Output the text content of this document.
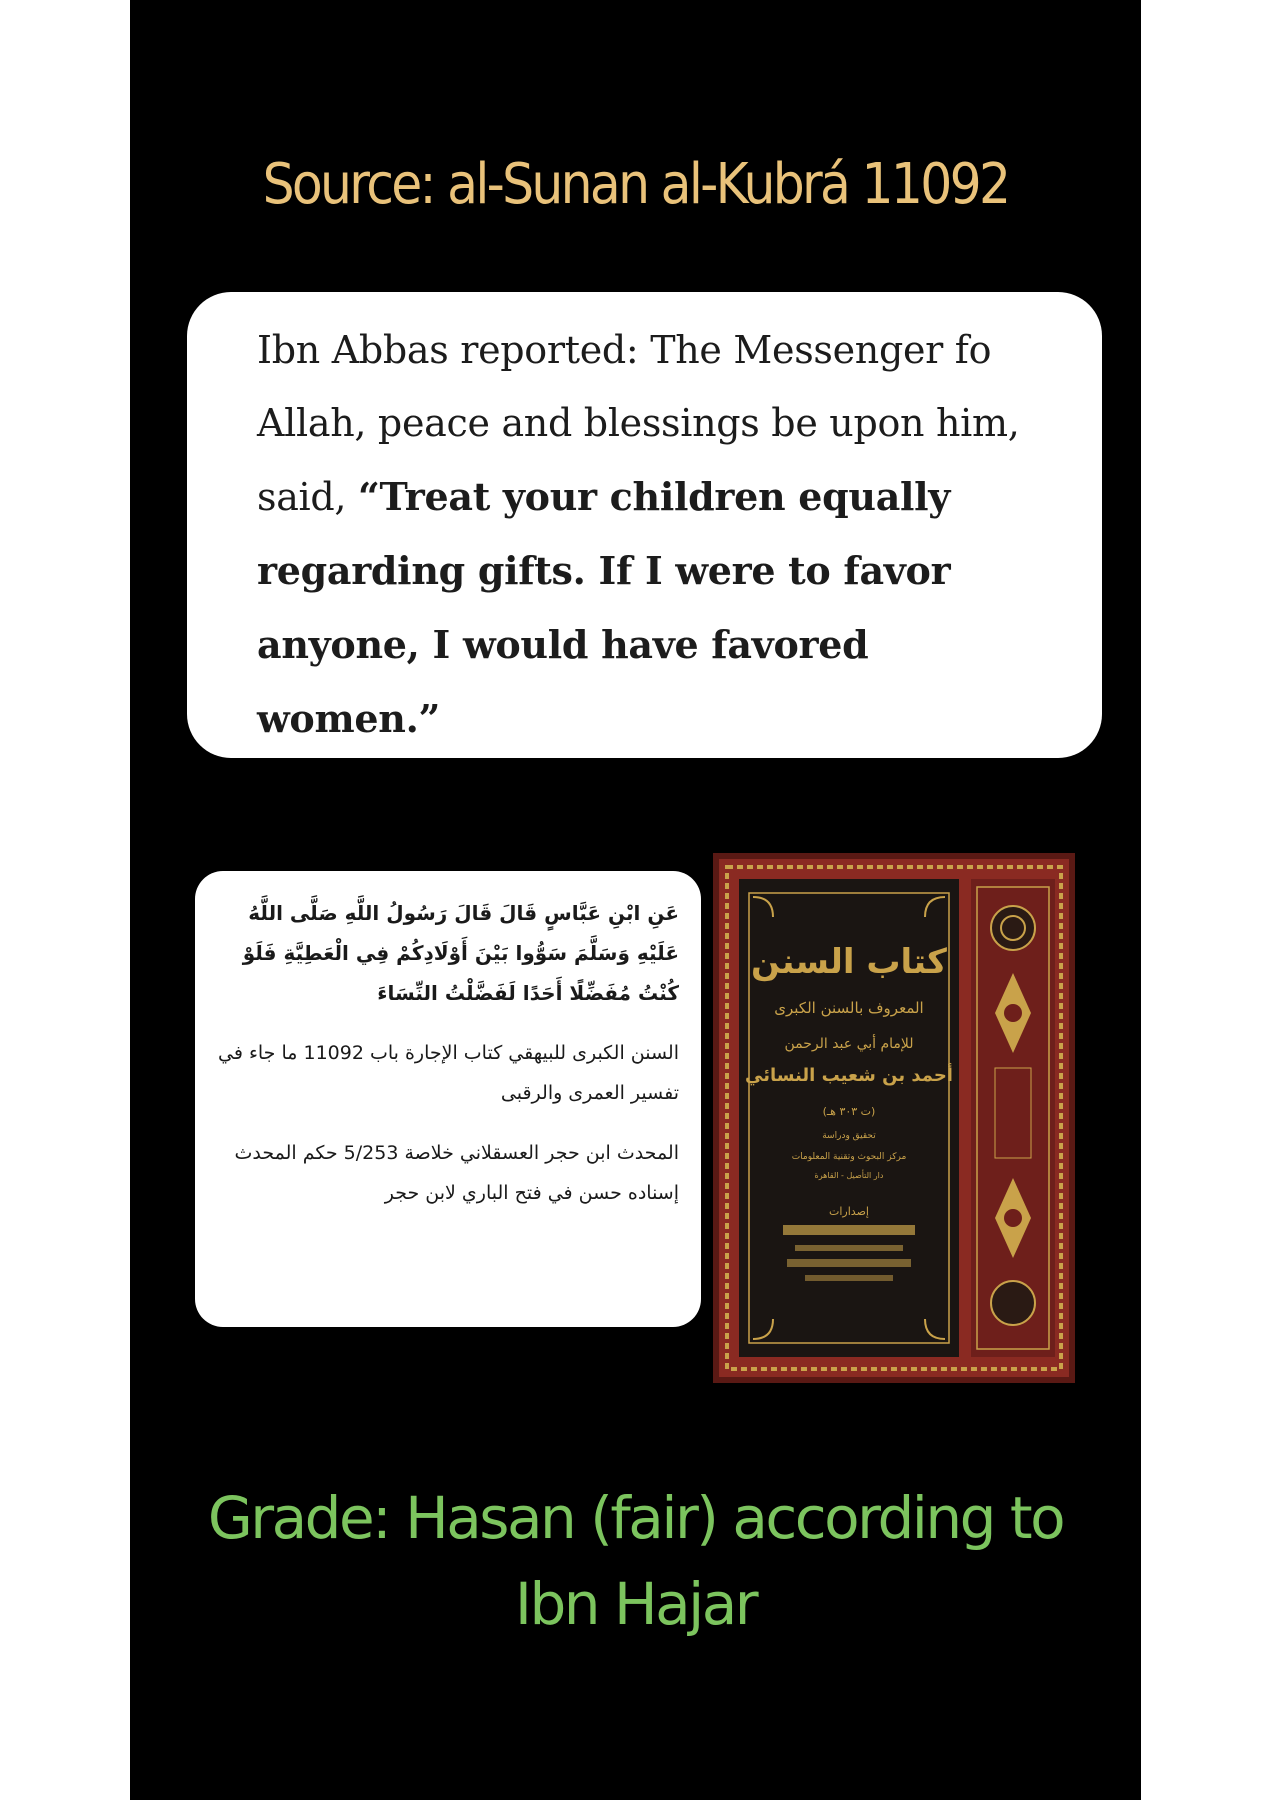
Source: al-Sunan al-Kubrá 11092

Ibn Abbas reported: The Messenger fo Allah, peace and blessings be upon him, said, “Treat your children equally regarding gifts. If I were to favor anyone, I would have favored women.”

عَنِ ابْنِ عَبَّاسٍ قَالَ قَالَ رَسُولُ اللَّهِ صَلَّى اللَّهُ عَلَيْهِ وَسَلَّمَ سَوُّوا بَيْنَ أَوْلَادِكُمْ فِي الْعَطِيَّةِ فَلَوْ كُنْتُ مُفَضِّلًا أَحَدًا لَفَضَّلْتُ النِّسَاءَ

السنن الكبرى للبيهقي كتاب الإجارة باب 11092 ما جاء في تفسير العمرى والرقبى

المحدث ابن حجر العسقلاني خلاصة 5/253 حكم المحدث إسناده حسن في فتح الباري لابن حجر

كتاب السنن
المعروف بالسنن الكبرى
للإمام أبي عبد الرحمن
أحمد بن شعيب النسائي
(ت ٣٠٣ هـ)
تحقيق ودراسة
مركز البحوث وتقنية المعلومات
دار التأصيل - القاهرة
إصدارات
Grade: Hasan (fair) according to
Ibn Hajar
